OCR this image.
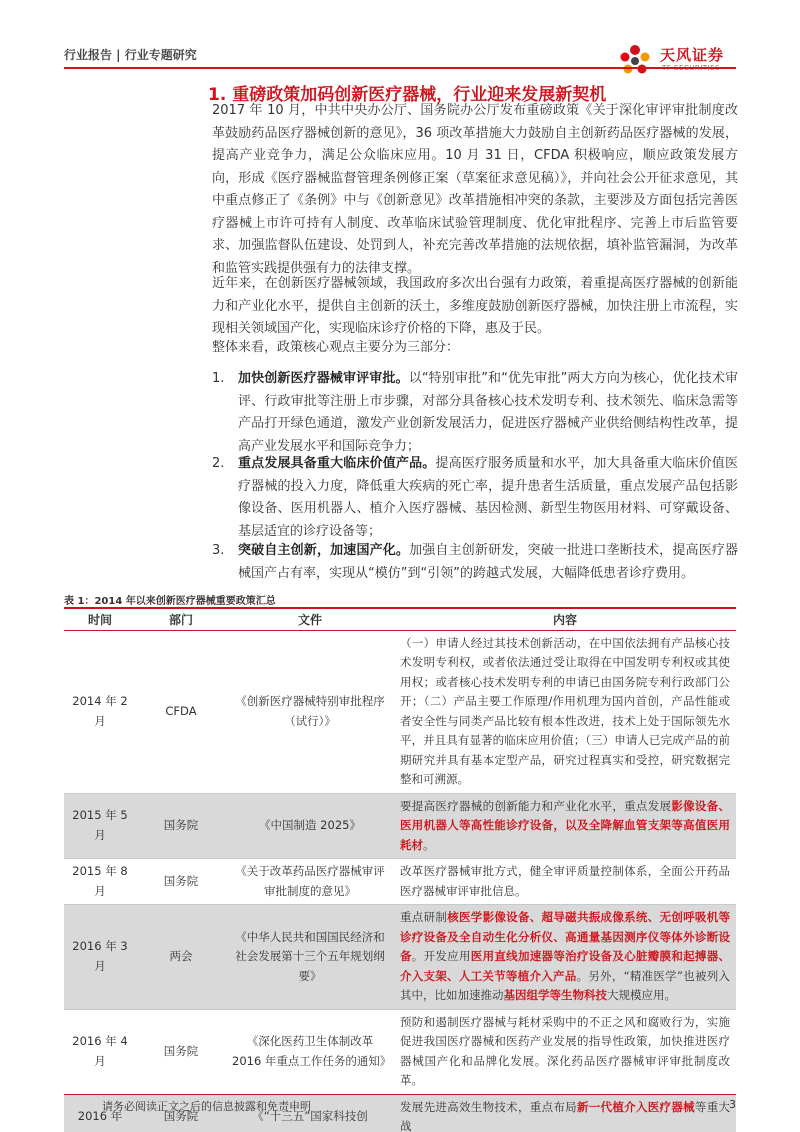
行业报告 | 行业专题研究	天风证券
TF SECURITIES
1. 重磅政策加码创新医疗器械，行业迎来发展新契机
2017 年 10 月，中共中央办公厅、国务院办公厅发布重磅政策《关于深化审评审批制度改革鼓励药品医疗器械创新的意见》，36 项改革措施大力鼓励自主创新药品医疗器械的发展，提高产业竞争力，满足公众临床应用。10 月 31 日，CFDA 积极响应，顺应政策发展方向，形成《医疗器械监督管理条例修正案（草案征求意见稿）》，并向社会公开征求意见，其中重点修正了《条例》中与《创新意见》改革措施相冲突的条款，主要涉及方面包括完善医疗器械上市许可持有人制度、改革临床试验管理制度、优化审批程序、完善上市后监管要求、加强监督队伍建设、处罚到人，补充完善改革措施的法规依据，填补监管漏洞，为改革和监管实践提供强有力的法律支撑。
近年来，在创新医疗器械领域，我国政府多次出台强有力政策，着重提高医疗器械的创新能力和产业化水平，提供自主创新的沃土，多维度鼓励创新医疗器械，加快注册上市流程，实现相关领域国产化，实现临床诊疗价格的下降，惠及于民。
整体来看，政策核心观点主要分为三部分：
1. 加快创新医疗器械审评审批。以“特别审批”和“优先审批”两大方向为核心，优化技术审评、行政审批等注册上市步骤，对部分具备核心技术发明专利、技术领先、临床急需等产品打开绿色通道，激发产业创新发展活力，促进医疗器械产业供给侧结构性改革，提高产业发展水平和国际竞争力；
2. 重点发展具备重大临床价值产品。提高医疗服务质量和水平，加大具备重大临床价值医疗器械的投入力度，降低重大疾病的死亡率，提升患者生活质量，重点发展产品包括影像设备、医用机器人、植介入医疗器械、基因检测、新型生物医用材料、可穿戴设备、基层适宜的诊疗设备等；
3. 突破自主创新，加速国产化。加强自主创新研发，突破一批进口垄断技术，提高医疗器械国产占有率，实现从“模仿”到“引领”的跨越式发展，大幅降低患者诊疗费用。
表 1：2014 年以来创新医疗器械重要政策汇总
时间	部门	文件	内容
2014 年 2 月	CFDA	《创新医疗器械特别审批程序（试行）》	（一）申请人经过其技术创新活动，在中国依法拥有产品核心技术发明专利权，或者依法通过受让取得在中国发明专利权或其使用权；或者核心技术发明专利的申请已由国务院专利行政部门公开；（二）产品主要工作原理/作用机理为国内首创，产品性能或者安全性与同类产品比较有根本性改进，技术上处于国际领先水平，并且具有显著的临床应用价值；（三）申请人已完成产品的前期研究并具有基本定型产品，研究过程真实和受控，研究数据完整和可溯源。
2015 年 5 月	国务院	《中国制造 2025》	要提高医疗器械的创新能力和产业化水平，重点发展影像设备、医用机器人等高性能诊疗设备，以及全降解血管支架等高值医用耗材。
2015 年 8 月	国务院	《关于改革药品医疗器械审评审批制度的意见》	改革医疗器械审批方式，健全审评质量控制体系，全面公开药品医疗器械审评审批信息。
2016 年 3 月	两会	《中华人民共和国国民经济和社会发展第十三个五年规划纲要》	重点研制核医学影像设备、超导磁共振成像系统、无创呼吸机等诊疗设备及全自动生化分析仪、高通量基因测序仪等体外诊断设备。开发应用医用直线加速器等治疗设备及心脏瓣膜和起搏器、介入支架、人工关节等植介入产品。另外，“精准医学”也被列入其中，比如加速推动基因组学等生物科技大规模应用。
2016 年 4 月	国务院	《深化医药卫生体制改革 2016 年重点工作任务的通知》	预防和遏制医疗器械与耗材采购中的不正之风和腐败行为，实施促进我国医疗器械和医药产业发展的指导性政策，加快推进医疗器械国产化和品牌化发展。深化药品医疗器械审评审批制度改革。
2016 年	国务院	《“十三五”国家科技创	发展先进高效生物技术，重点布局新一代植介入医疗器械等重大战
请务必阅读正文之后的信息披露和免责申明	3
